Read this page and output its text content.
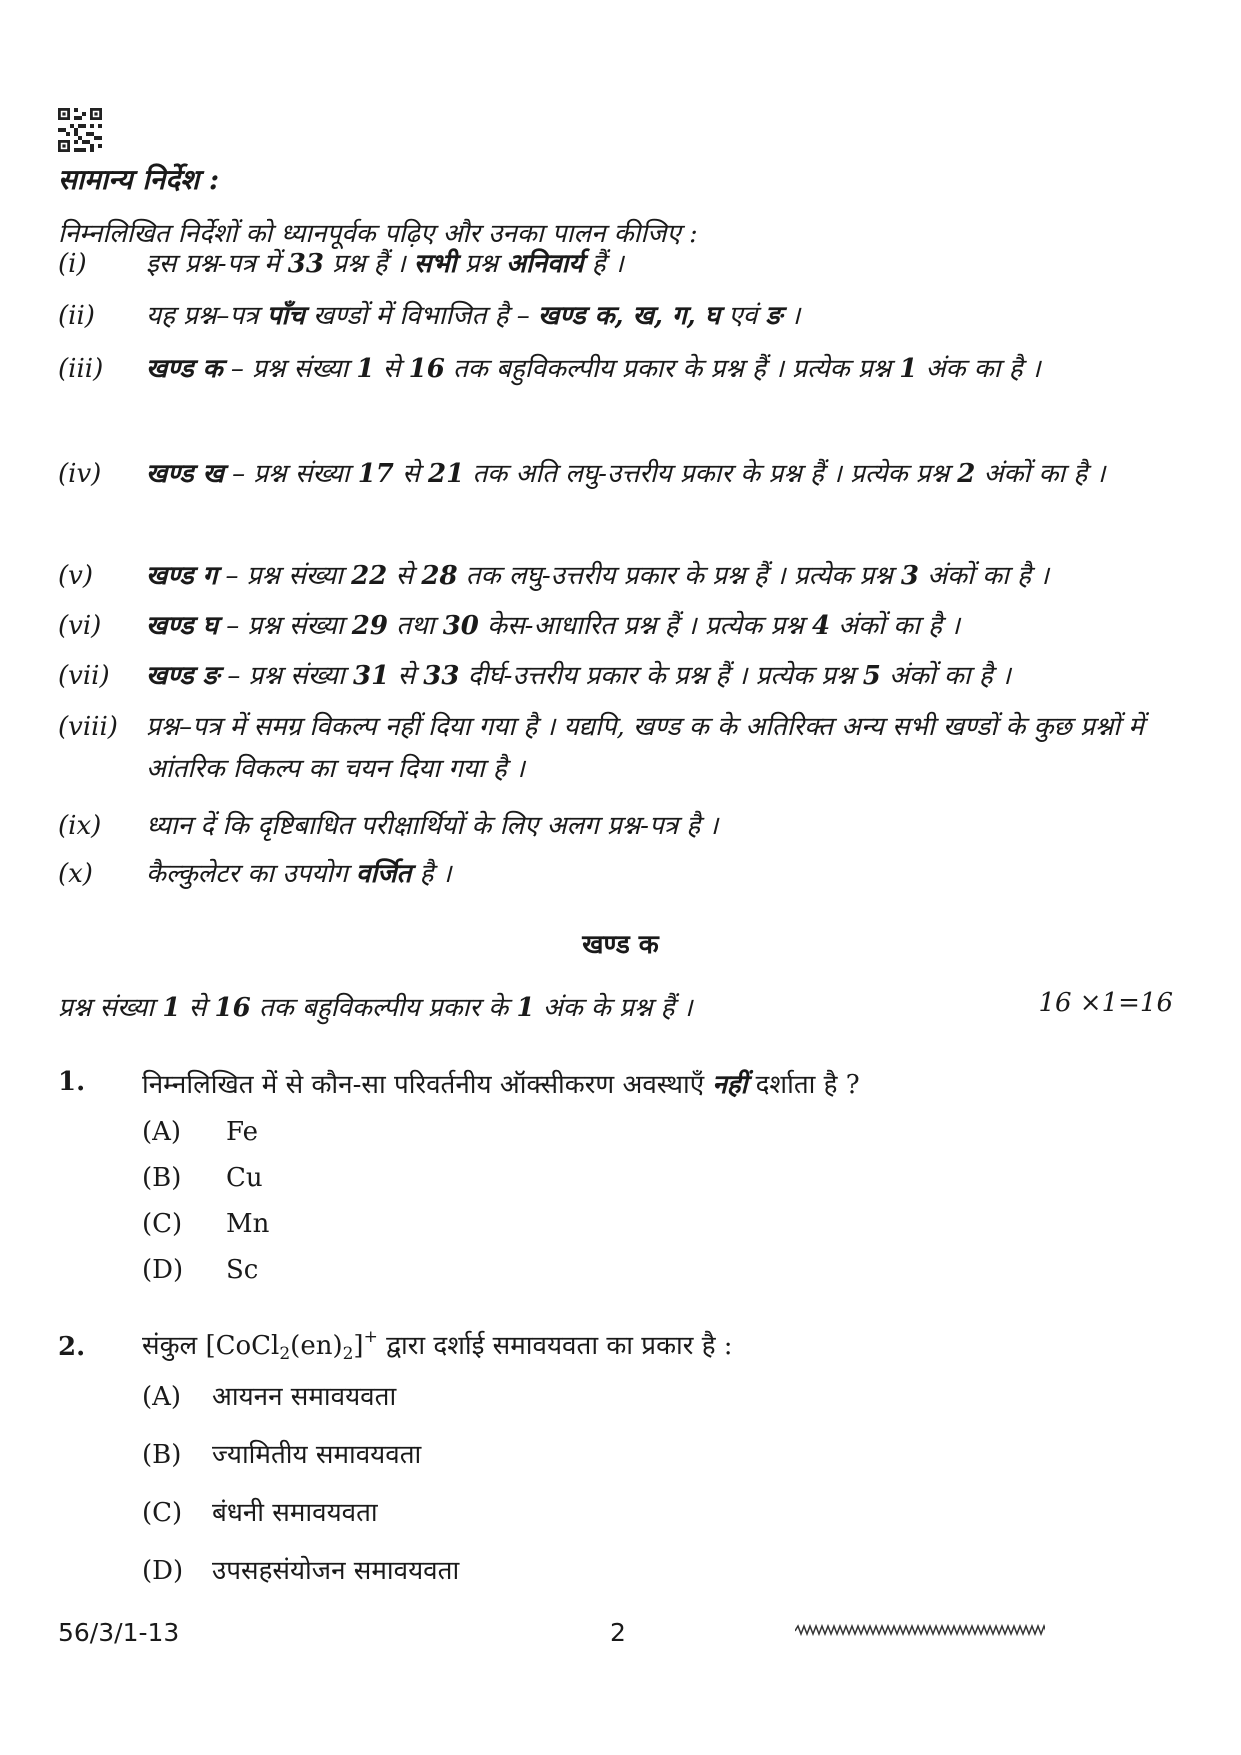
सामान्य निर्देश :
निम्नलिखित निर्देशों को ध्यानपूर्वक पढ़िए और उनका पालन कीजिए :
(i)	इस प्रश्न-पत्र में 33 प्रश्न हैं । सभी प्रश्न अनिवार्य हैं ।
(ii)	यह प्रश्न–पत्र पाँच खण्डों में विभाजित है – खण्ड क, ख, ग, घ एवं ङ ।
(iii)	खण्ड क – प्रश्न संख्या 1 से 16 तक बहुविकल्पीय प्रकार के प्रश्न हैं । प्रत्येक प्रश्न 1 अंक का है ।
(iv)	खण्ड ख – प्रश्न संख्या 17 से 21 तक अति लघु-उत्तरीय प्रकार के प्रश्न हैं । प्रत्येक प्रश्न 2 अंकों का है ।
(v)	खण्ड ग – प्रश्न संख्या 22 से 28 तक लघु-उत्तरीय प्रकार के प्रश्न हैं । प्रत्येक प्रश्न 3 अंकों का है ।
(vi)	खण्ड घ – प्रश्न संख्या 29 तथा 30 केस-आधारित प्रश्न हैं । प्रत्येक प्रश्न 4 अंकों का है ।
(vii)	खण्ड ङ – प्रश्न संख्या 31 से 33 दीर्घ-उत्तरीय प्रकार के प्रश्न हैं । प्रत्येक प्रश्न 5 अंकों का है ।
(viii)	प्रश्न–पत्र में समग्र विकल्प नहीं दिया गया है । यद्यपि, खण्ड क के अतिरिक्त अन्य सभी खण्डों के कुछ प्रश्नों में आंतरिक विकल्प का चयन दिया गया है ।
(ix)	ध्यान दें कि दृष्टिबाधित परीक्षार्थियों के लिए अलग प्रश्न-पत्र है ।
(x)	कैल्कुलेटर का उपयोग वर्जित है ।
खण्ड क
प्रश्न संख्या 1 से 16 तक बहुविकल्पीय प्रकार के 1 अंक के प्रश्न हैं ।	16 ×1=16
1. निम्नलिखित में से कौन-सा परिवर्तनीय ऑक्सीकरण अवस्थाएँ नहीं दर्शाता है ?
(A) Fe
(B) Cu
(C) Mn
(D) Sc
2. संकुल $[CoCl_2(en)_2]^+$ द्वारा दर्शाई समावयवता का प्रकार है :
(A) आयनन समावयवता
(B) ज्यामितीय समावयवता
(C) बंधनी समावयवता
(D) उपसहसंयोजन समावयवता
56/3/1-13	2
